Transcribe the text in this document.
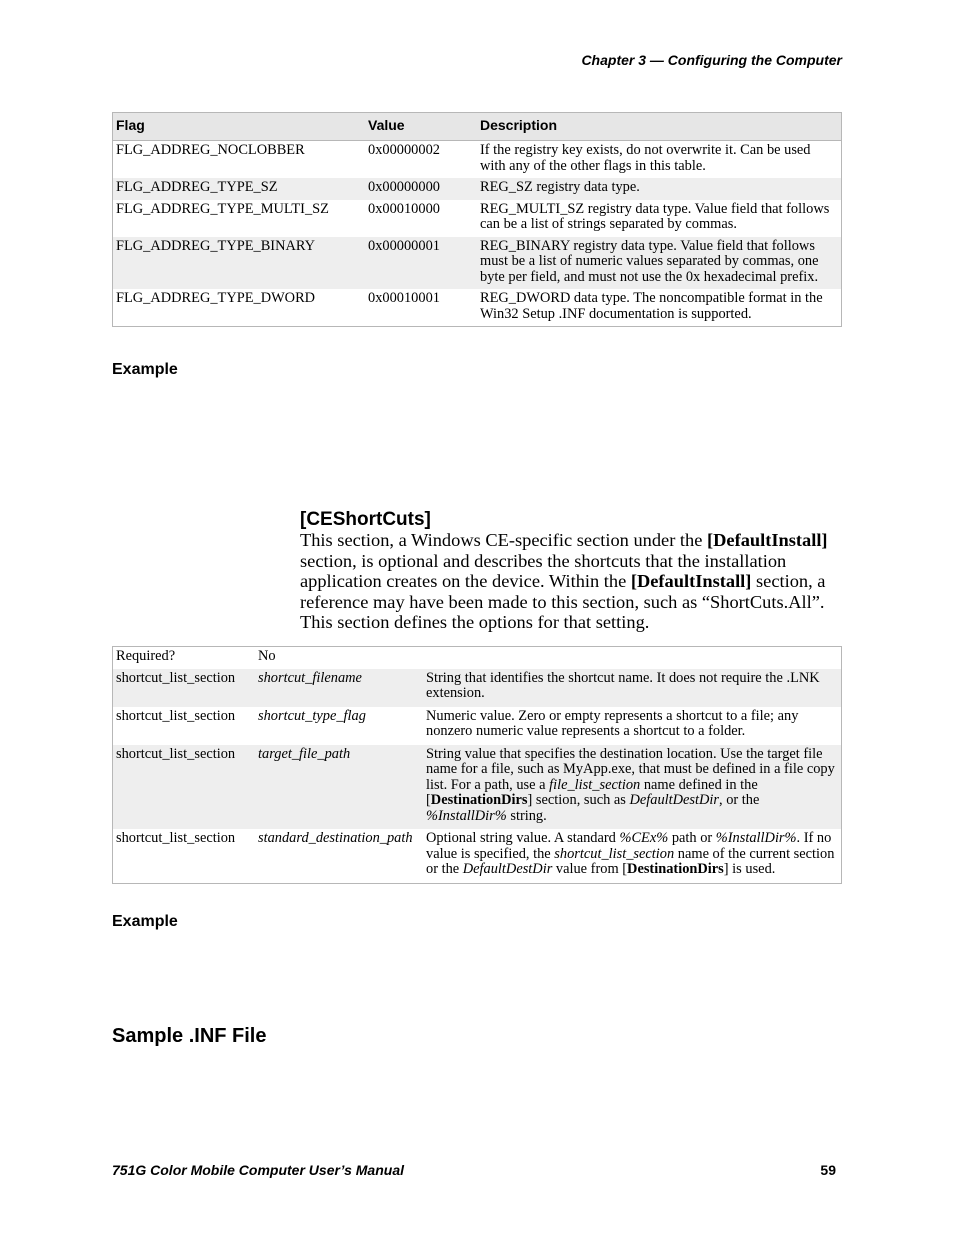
Chapter 3 — Configuring the Computer
Flag	Value	Description
FLG_ADDREG_NOCLOBBER	0x00000002	If the registry key exists, do not overwrite it. Can be used with any of the other flags in this table.
FLG_ADDREG_TYPE_SZ	0x00000000	REG_SZ registry data type.
FLG_ADDREG_TYPE_MULTI_SZ	0x00010000	REG_MULTI_SZ registry data type. Value field that follows can be a list of strings separated by commas.
FLG_ADDREG_TYPE_BINARY	0x00000001	REG_BINARY registry data type. Value field that follows must be a list of numeric values separated by commas, one byte per field, and must not use the 0x hexadecimal prefix.
FLG_ADDREG_TYPE_DWORD	0x00010001	REG_DWORD data type. The noncompatible format in the Win32 Setup .INF documentation is supported.
Example
[CEShortCuts]
This section, a Windows CE-specific section under the [DefaultInstall] section, is optional and describes the shortcuts that the installation application creates on the device. Within the [DefaultInstall] section, a reference may have been made to this section, such as “ShortCuts.All”. This section defines the options for that setting.
Required?	No	
shortcut_list_section	shortcut_filename	String that identifies the shortcut name. It does not require the .LNK extension.
shortcut_list_section	shortcut_type_flag	Numeric value. Zero or empty represents a shortcut to a file; any nonzero numeric value represents a shortcut to a folder.
shortcut_list_section	target_file_path	String value that specifies the destination location. Use the target file name for a file, such as MyApp.exe, that must be defined in a file copy list. For a path, use a file_list_section name defined in the [DestinationDirs] section, such as DefaultDestDir, or the %InstallDir% string.
shortcut_list_section	standard_destination_path	Optional string value. A standard %CEx% path or %InstallDir%. If no value is specified, the shortcut_list_section name of the current section or the DefaultDestDir value from [DestinationDirs] is used.
Example
Sample .INF File
751G Color Mobile Computer User’s Manual	59
